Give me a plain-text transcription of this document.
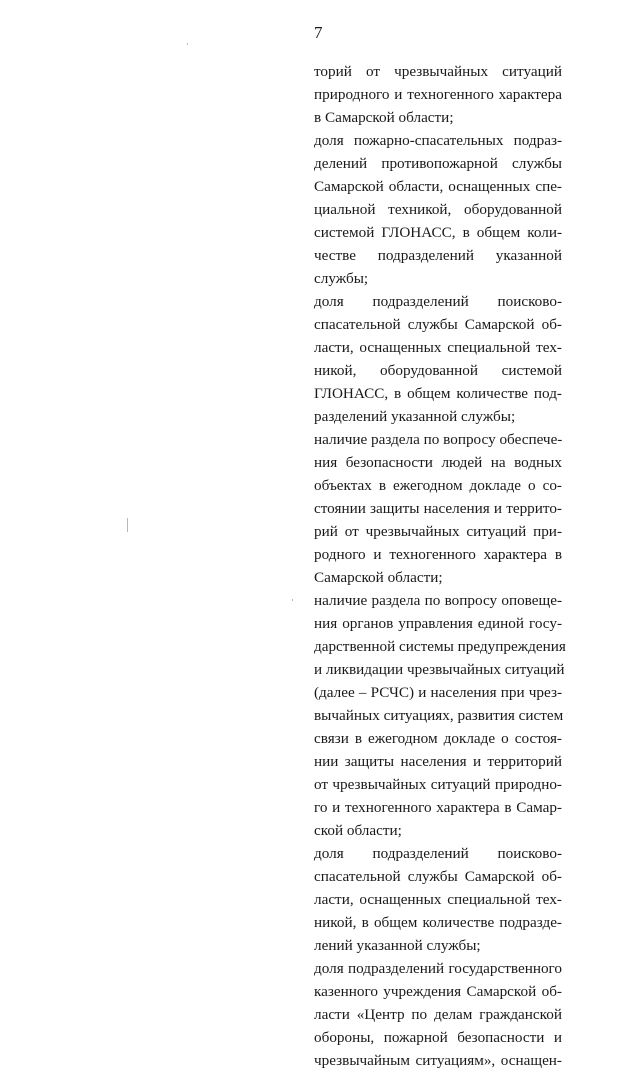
7
торий от чрезвычайных ситуаций
природного и техногенного характера
в Самарской области;
доля пожарно-спасательных подраз-
делений противопожарной службы
Самарской области, оснащенных спе-
циальной техникой, оборудованной
системой ГЛОНАСС, в общем коли-
честве подразделений указанной
службы;
доля подразделений поисково-
спасательной службы Самарской об-
ласти, оснащенных специальной тех-
никой, оборудованной системой
ГЛОНАСС, в общем количестве под-
разделений указанной службы;
наличие раздела по вопросу обеспече-
ния безопасности людей на водных
объектах в ежегодном докладе о со-
стоянии защиты населения и террито-
рий от чрезвычайных ситуаций при-
родного и техногенного характера в
Самарской области;
наличие раздела по вопросу оповеще-
ния органов управления единой госу-
дарственной системы предупреждения
и ликвидации чрезвычайных ситуаций
(далее – РСЧС) и населения при чрез-
вычайных ситуациях, развития систем
связи в ежегодном докладе о состоя-
нии защиты населения и территорий
от чрезвычайных ситуаций природно-
го и техногенного характера в Самар-
ской области;
доля подразделений поисково-
спасательной службы Самарской об-
ласти, оснащенных специальной тех-
никой, в общем количестве подразде-
лений указанной службы;
доля подразделений государственного
казенного учреждения Самарской об-
ласти «Центр по делам гражданской
обороны, пожарной безопасности и
чрезвычайным ситуациям», оснащен-
